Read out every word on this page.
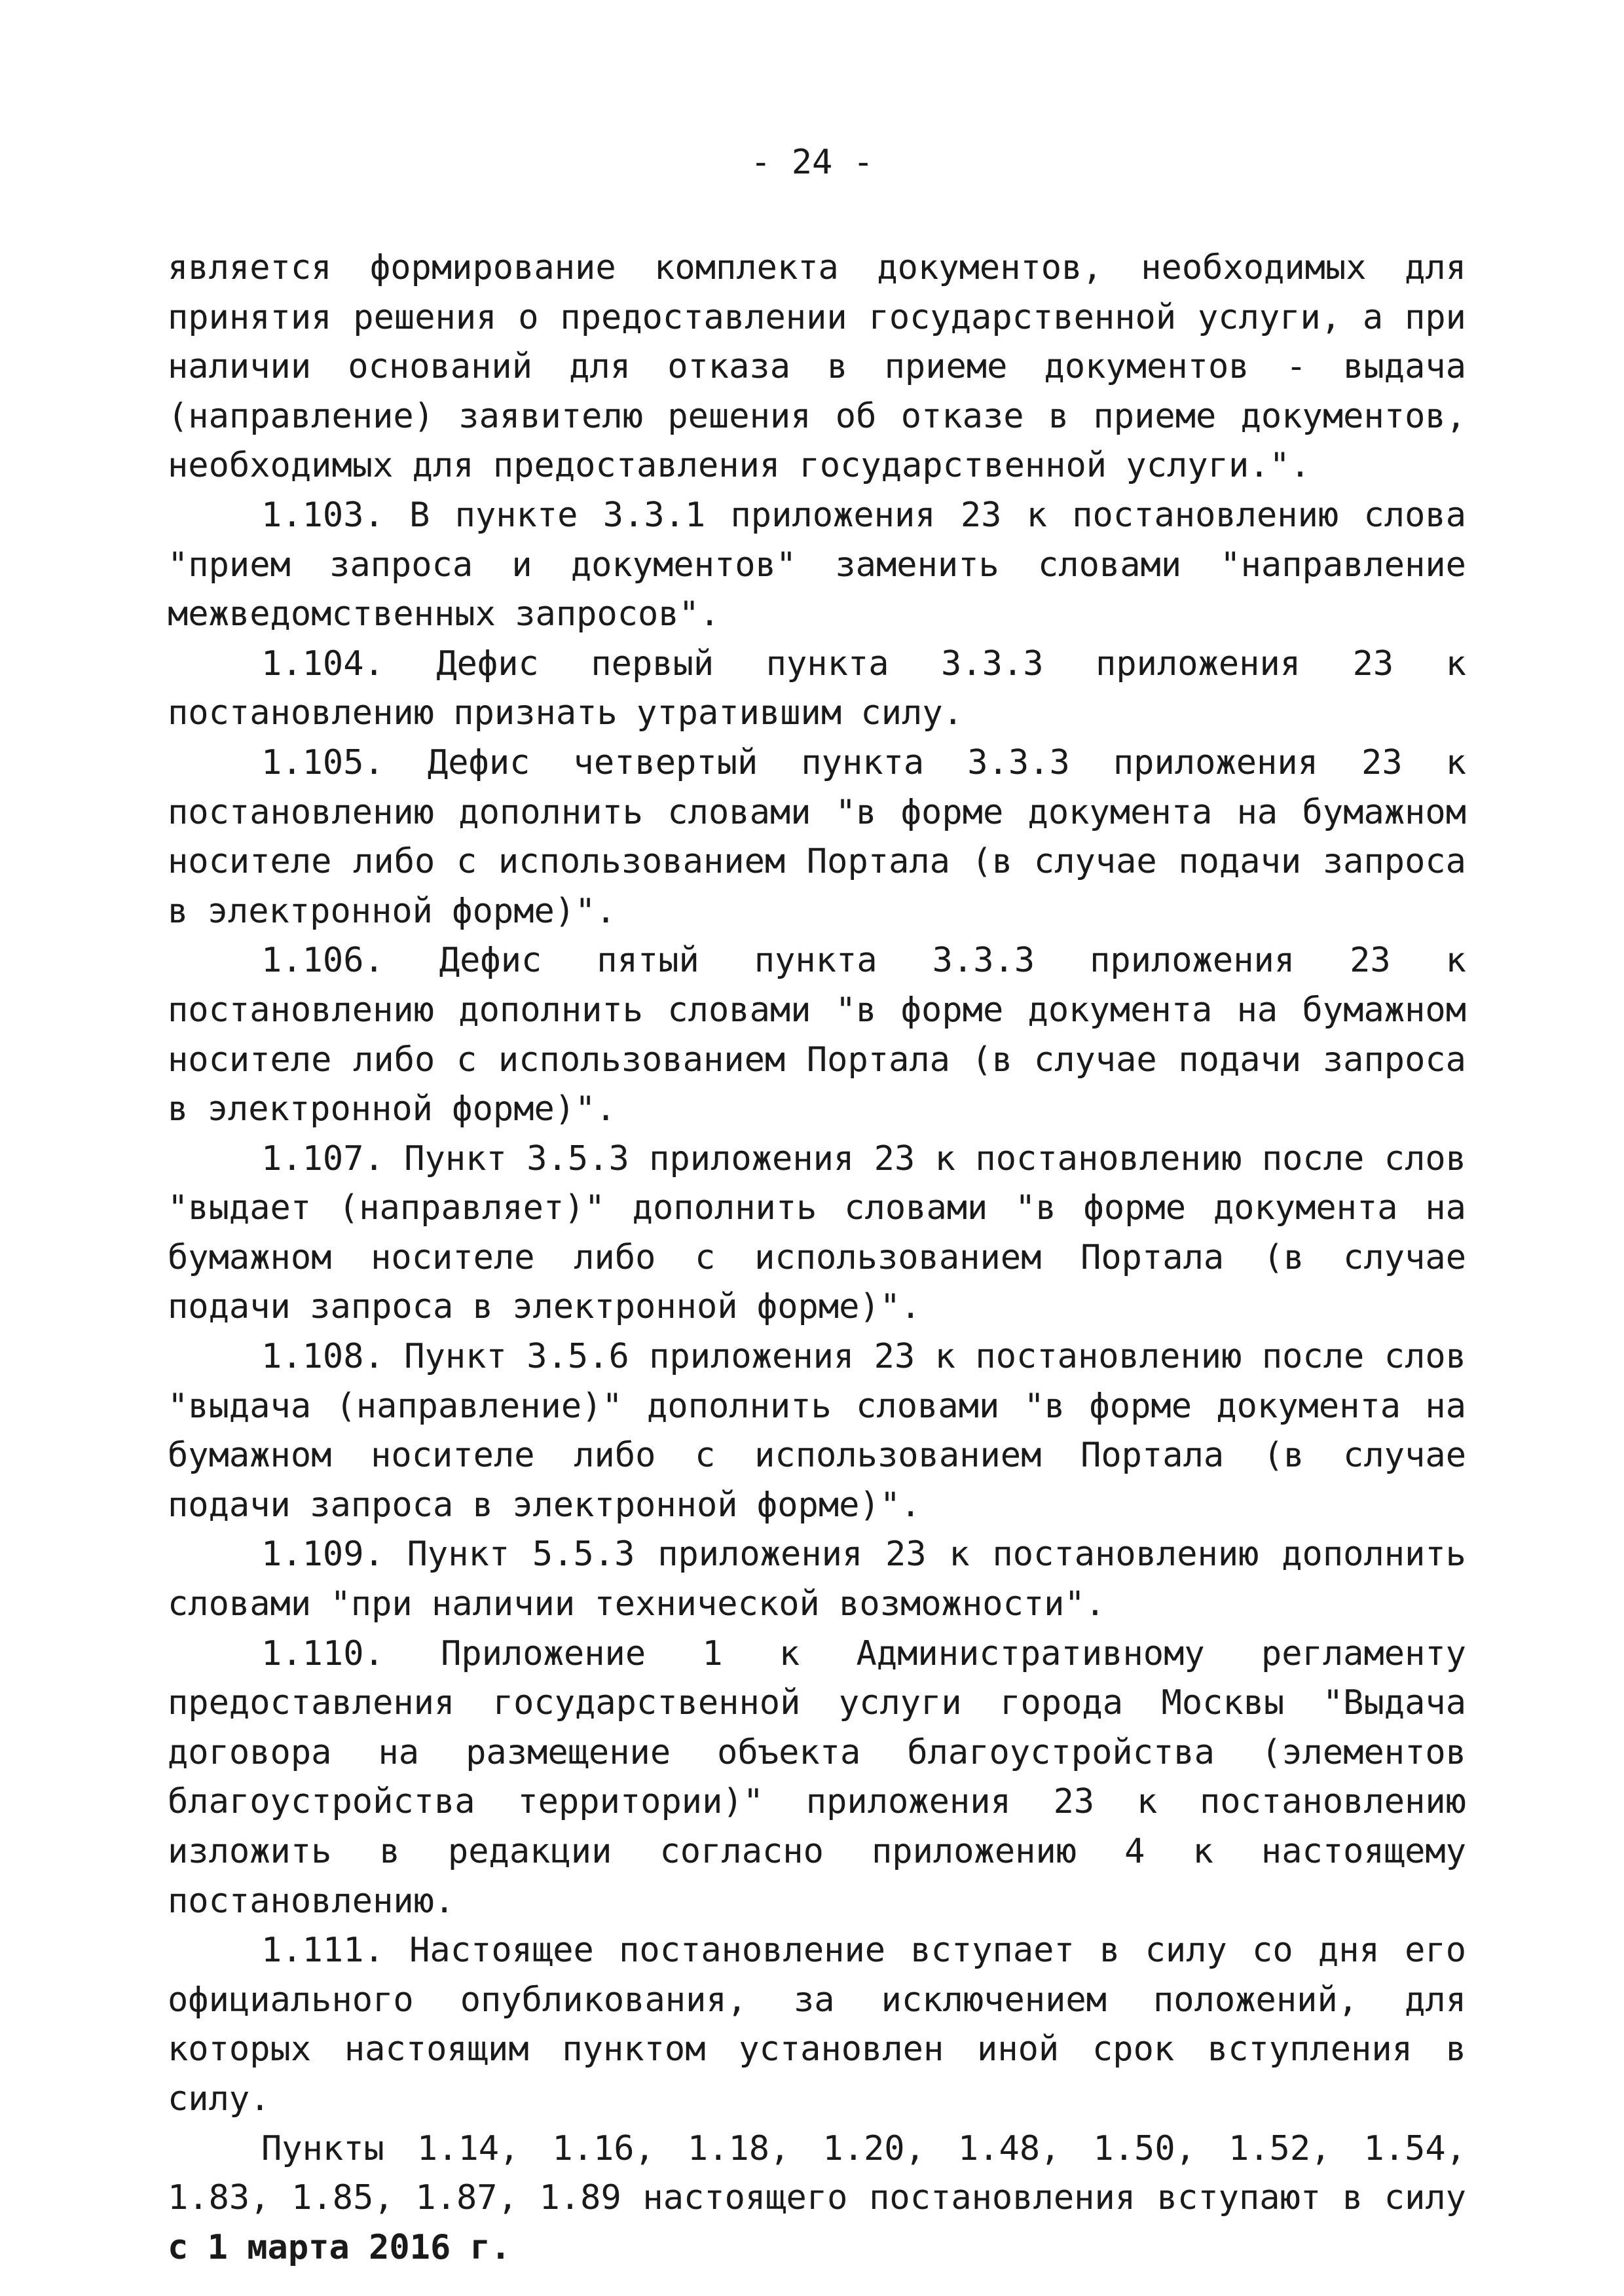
- 24 -

является формирование комплекта документов, необходимых для принятия решения о предоставлении государственной услуги, а при наличии оснований для отказа в приеме документов - выдача (направление) заявителю решения об отказе в приеме документов, необходимых для предоставления государственной услуги.".

1.103. В пункте 3.3.1 приложения 23 к постановлению слова "прием запроса и документов" заменить словами "направление межведомственных запросов".

1.104. Дефис первый пункта 3.3.3 приложения 23 к постановлению признать утратившим силу.

1.105. Дефис четвертый пункта 3.3.3 приложения 23 к постановлению дополнить словами "в форме документа на бумажном носителе либо с использованием Портала (в случае подачи запроса в электронной форме)".

1.106. Дефис пятый пункта 3.3.3 приложения 23 к постановлению дополнить словами "в форме документа на бумажном носителе либо с использованием Портала (в случае подачи запроса в электронной форме)".

1.107. Пункт 3.5.3 приложения 23 к постановлению после слов "выдает (направляет)" дополнить словами "в форме документа на бумажном носителе либо с использованием Портала (в случае подачи запроса в электронной форме)".

1.108. Пункт 3.5.6 приложения 23 к постановлению после слов "выдача (направление)" дополнить словами "в форме документа на бумажном носителе либо с использованием Портала (в случае подачи запроса в электронной форме)".

1.109. Пункт 5.5.3 приложения 23 к постановлению дополнить словами "при наличии технической возможности".

1.110. Приложение 1 к Административному регламенту предоставления государственной услуги города Москвы "Выдача договора на размещение объекта благоустройства (элементов благоустройства территории)" приложения 23 к постановлению изложить в редакции согласно приложению 4 к настоящему постановлению.

1.111. Настоящее постановление вступает в силу со дня его официального опубликования, за исключением положений, для которых настоящим пунктом установлен иной срок вступления в силу.

Пункты 1.14, 1.16, 1.18, 1.20, 1.48, 1.50, 1.52, 1.54, 1.83, 1.85, 1.87, 1.89 настоящего постановления вступают в силу с 1 марта 2016 г.
